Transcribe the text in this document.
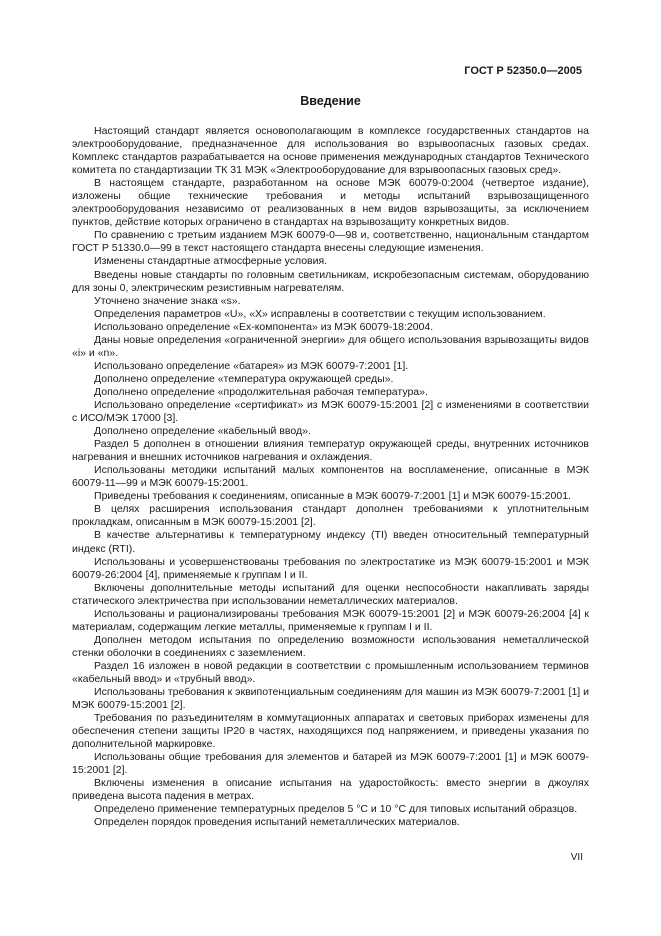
ГОСТ Р 52350.0—2005

Введение

Настоящий стандарт является основополагающим в комплексе государственных стандартов на электрооборудование, предназначенное для использования во взрывоопасных газовых средах. Комплекс стандартов разрабатывается на основе применения международных стандартов Технического комитета по стандартизации ТК 31 МЭК «Электрооборудование для взрывоопасных газовых сред».

В настоящем стандарте, разработанном на основе МЭК 60079-0:2004 (четвертое издание), изложены общие технические требования и методы испытаний взрывозащищенного электрооборудования независимо от реализованных в нем видов взрывозащиты, за исключением пунктов, действие которых ограничено в стандартах на взрывозащиту конкретных видов.

По сравнению с третьим изданием МЭК 60079-0—98 и, соответственно, национальным стандартом ГОСТ Р 51330.0—99 в текст настоящего стандарта внесены следующие изменения.

Изменены стандартные атмосферные условия.

Введены новые стандарты по головным светильникам, искробезопасным системам, оборудованию для зоны 0, электрическим резистивным нагревателям.

Уточнено значение знака «s».

Определения параметров «U», «X» исправлены в соответствии с текущим использованием.

Использовано определение «Ex-компонента» из МЭК 60079-18:2004.

Даны новые определения «ограниченной энергии» для общего использования взрывозащиты видов «i» и «n».

Использовано определение «батарея» из МЭК 60079-7:2001 [1].

Дополнено определение «температура окружающей среды».

Дополнено определение «продолжительная рабочая температура».

Использовано определение «сертификат» из МЭК 60079-15:2001 [2] с изменениями в соответствии с ИСО/МЭК 17000 [3].

Дополнено определение «кабельный ввод».

Раздел 5 дополнен в отношении влияния температур окружающей среды, внутренних источников нагревания и внешних источников нагревания и охлаждения.

Использованы методики испытаний малых компонентов на воспламенение, описанные в МЭК 60079-11—99 и МЭК 60079-15:2001.

Приведены требования к соединениям, описанные в МЭК 60079-7:2001 [1] и МЭК 60079-15:2001.

В целях расширения использования стандарт дополнен требованиями к уплотнительным прокладкам, описанным в МЭК 60079-15:2001 [2].

В качестве альтернативы к температурному индексу (TI) введен относительный температурный индекс (RTI).

Использованы и усовершенствованы требования по электростатике из МЭК 60079-15:2001 и МЭК 60079-26:2004 [4], применяемые к группам I и II.

Включены дополнительные методы испытаний для оценки неспособности накапливать заряды статического электричества при использовании неметаллических материалов.

Использованы и рационализированы требования МЭК 60079-15:2001 [2] и МЭК 60079-26:2004 [4] к материалам, содержащим легкие металлы, применяемые к группам I и II.

Дополнен методом испытания по определению возможности использования неметаллической стенки оболочки в соединениях с заземлением.

Раздел 16 изложен в новой редакции в соответствии с промышленным использованием терминов «кабельный ввод» и «трубный ввод».

Использованы требования к эквипотенциальным соединениям для машин из МЭК 60079-7:2001 [1] и МЭК 60079-15:2001 [2].

Требования по разъединителям в коммутационных аппаратах и световых приборах изменены для обеспечения степени защиты IP20 в частях, находящихся под напряжением, и приведены указания по дополнительной маркировке.

Использованы общие требования для элементов и батарей из МЭК 60079-7:2001 [1] и МЭК 60079-15:2001 [2].

Включены изменения в описание испытания на ударостойкость: вместо энергии в джоулях приведена высота падения в метрах.

Определено применение температурных пределов 5 °С и 10 °С для типовых испытаний образцов.

Определен порядок проведения испытаний неметаллических материалов.

VII
